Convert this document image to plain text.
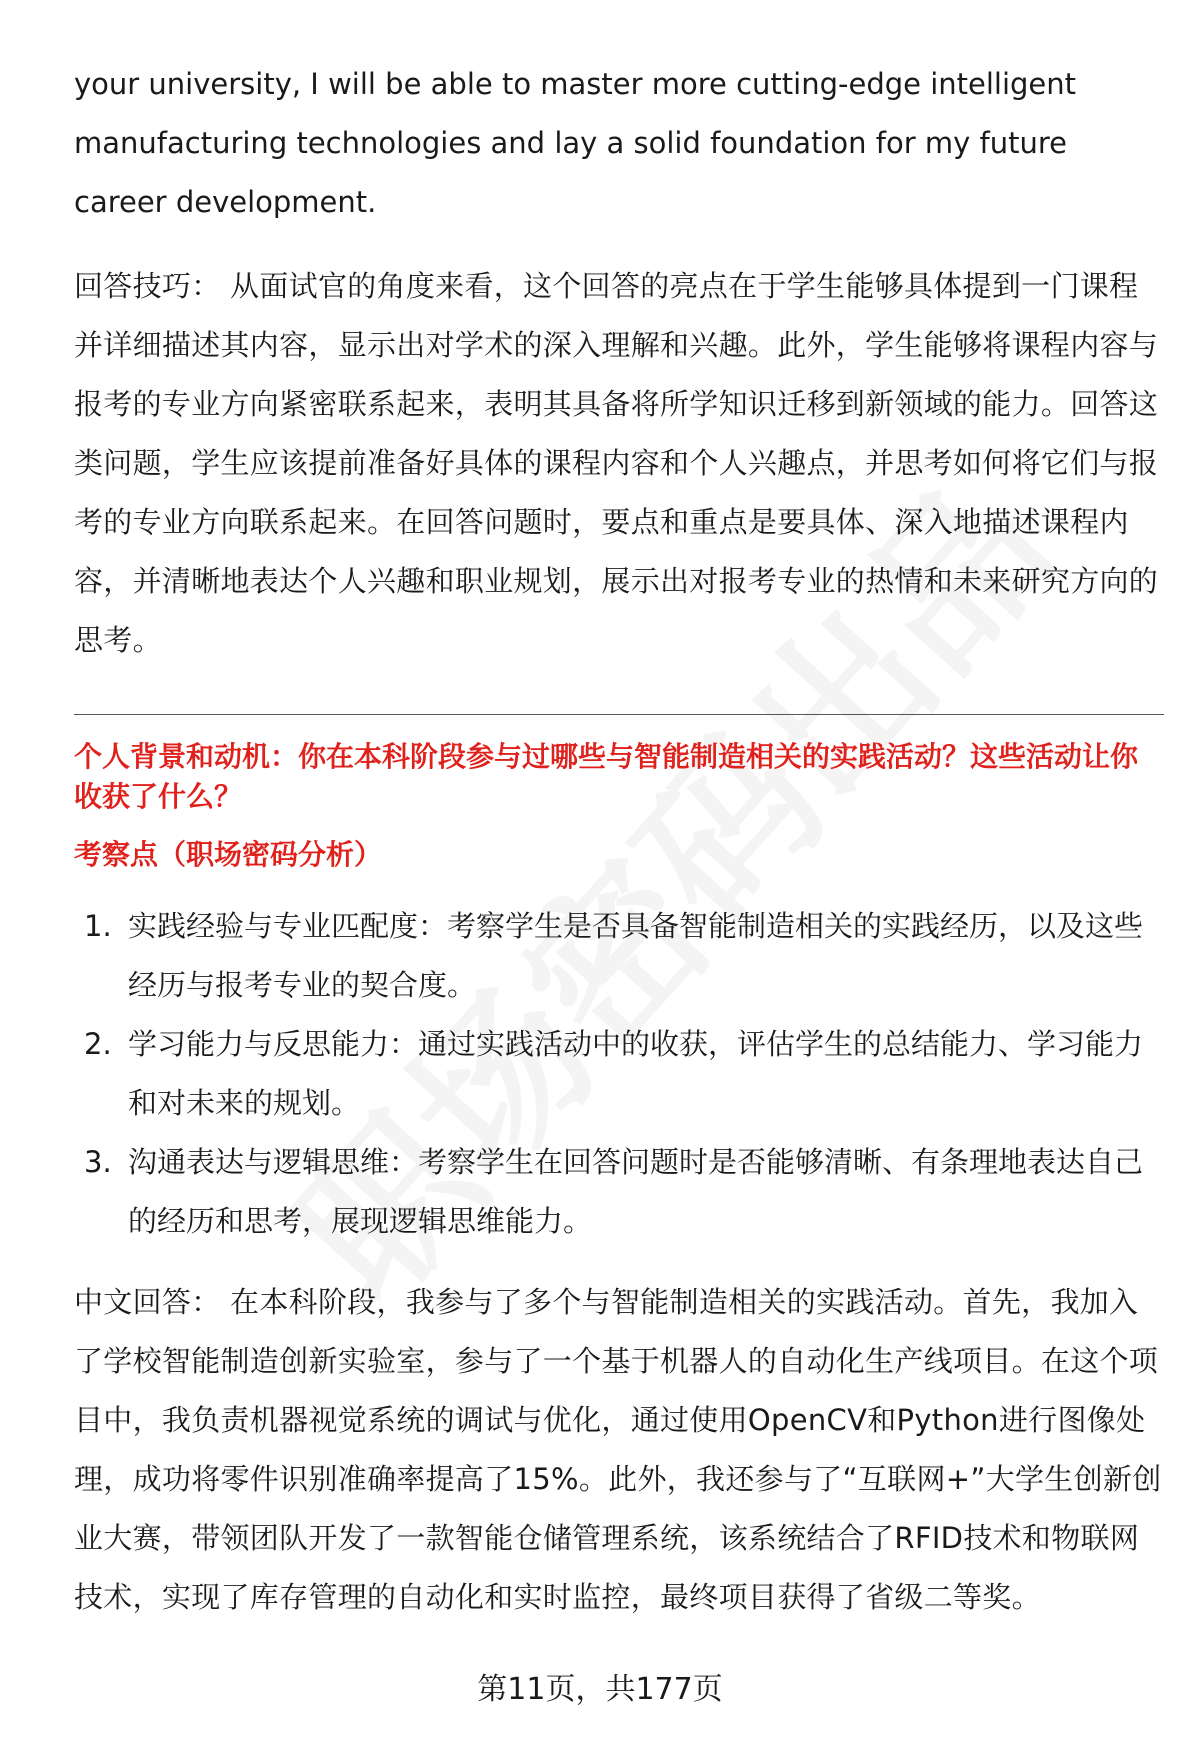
your university, I will be able to master more cutting-edge intelligent manufacturing technologies and lay a solid foundation for my future career development.

回答技巧： 从面试官的角度来看，这个回答的亮点在于学生能够具体提到一门课程并详细描述其内容，显示出对学术的深入理解和兴趣。此外，学生能够将课程内容与报考的专业方向紧密联系起来，表明其具备将所学知识迁移到新领域的能力。回答这类问题，学生应该提前准备好具体的课程内容和个人兴趣点，并思考如何将它们与报考的专业方向联系起来。在回答问题时，要点和重点是要具体、深入地描述课程内容，并清晰地表达个人兴趣和职业规划，展示出对报考专业的热情和未来研究方向的思考。

个人背景和动机：你在本科阶段参与过哪些与智能制造相关的实践活动？这些活动让你收获了什么？

考察点（职场密码分析）

1. 实践经验与专业匹配度：考察学生是否具备智能制造相关的实践经历，以及这些经历与报考专业的契合度。
2. 学习能力与反思能力：通过实践活动中的收获，评估学生的总结能力、学习能力和对未来的规划。
3. 沟通表达与逻辑思维：考察学生在回答问题时是否能够清晰、有条理地表达自己的经历和思考，展现逻辑思维能力。

中文回答： 在本科阶段，我参与了多个与智能制造相关的实践活动。首先，我加入了学校智能制造创新实验室，参与了一个基于机器人的自动化生产线项目。在这个项目中，我负责机器视觉系统的调试与优化，通过使用OpenCV和Python进行图像处理，成功将零件识别准确率提高了15%。此外，我还参与了“互联网+”大学生创新创业大赛，带领团队开发了一款智能仓储管理系统，该系统结合了RFID技术和物联网技术，实现了库存管理的自动化和实时监控，最终项目获得了省级二等奖。

第11页，共177页
